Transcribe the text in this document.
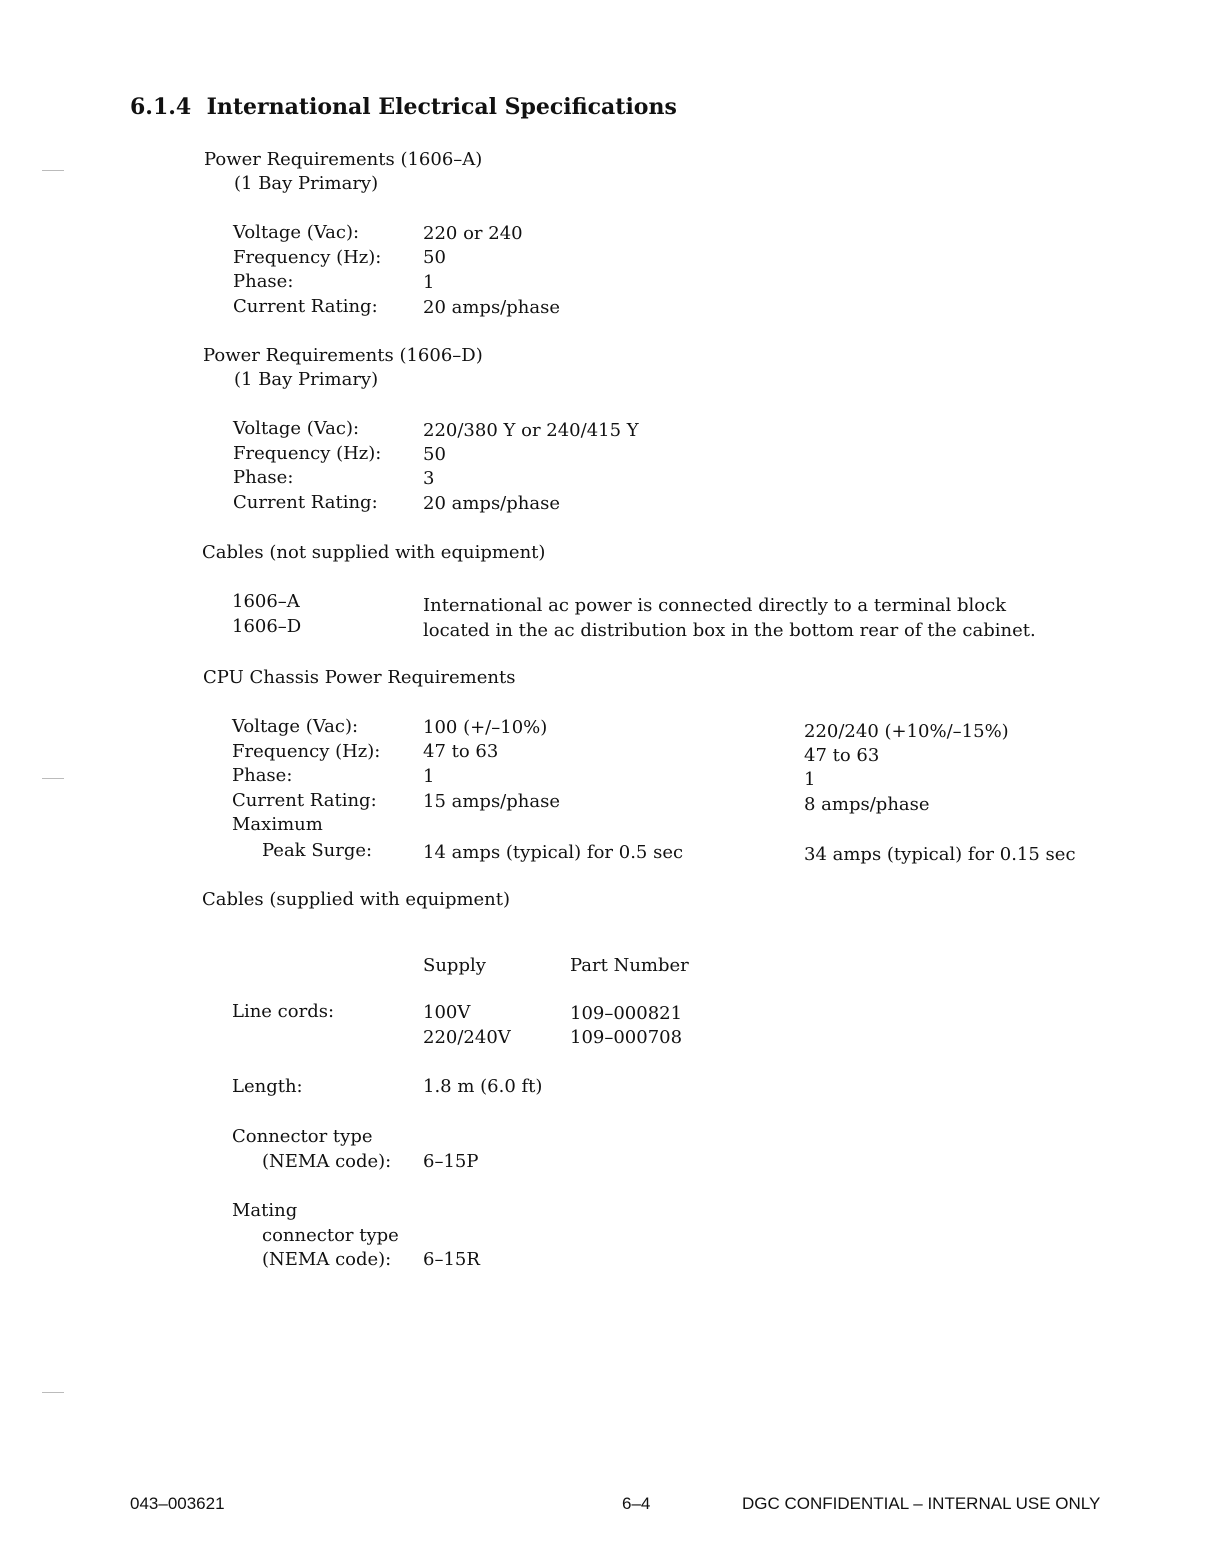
6.1.4 International Electrical Specifications
Power Requirements (1606–A)
(1 Bay Primary)
Voltage (Vac):	220 or 240
Frequency (Hz): 50
Phase:	1
Current Rating:	20 amps/phase
Power Requirements (1606–D)
(1 Bay Primary)
Voltage (Vac):	220/380 Y or 240/415 Y
Frequency (Hz): 50
Phase:	3
Current Rating:	20 amps/phase
Cables (not supplied with equipment)
1606–A
1606–D
International ac power is connected directly to a terminal block
located in the ac distribution box in the bottom rear of the cabinet.
CPU Chassis Power Requirements
Voltage (Vac):	100 (+/–10%)	220/240 (+10%/–15%)
Frequency (Hz): 47 to 63	47 to 63
Phase:	1	1
Current Rating:	15 amps/phase	8 amps/phase
Maximum
Peak Surge:	14 amps (typical) for 0.5 sec	34 amps (typical) for 0.15 sec
Cables (supplied with equipment)
Supply	Part Number
Line cords:	100V	109–000821
220/240V	109–000708
Length:	1.8 m (6.0 ft)
Connector type
(NEMA code): 6–15P
Mating
connector type
(NEMA code): 6–15R
043–003621	6–4	DGC CONFIDENTIAL – INTERNAL USE ONLY
